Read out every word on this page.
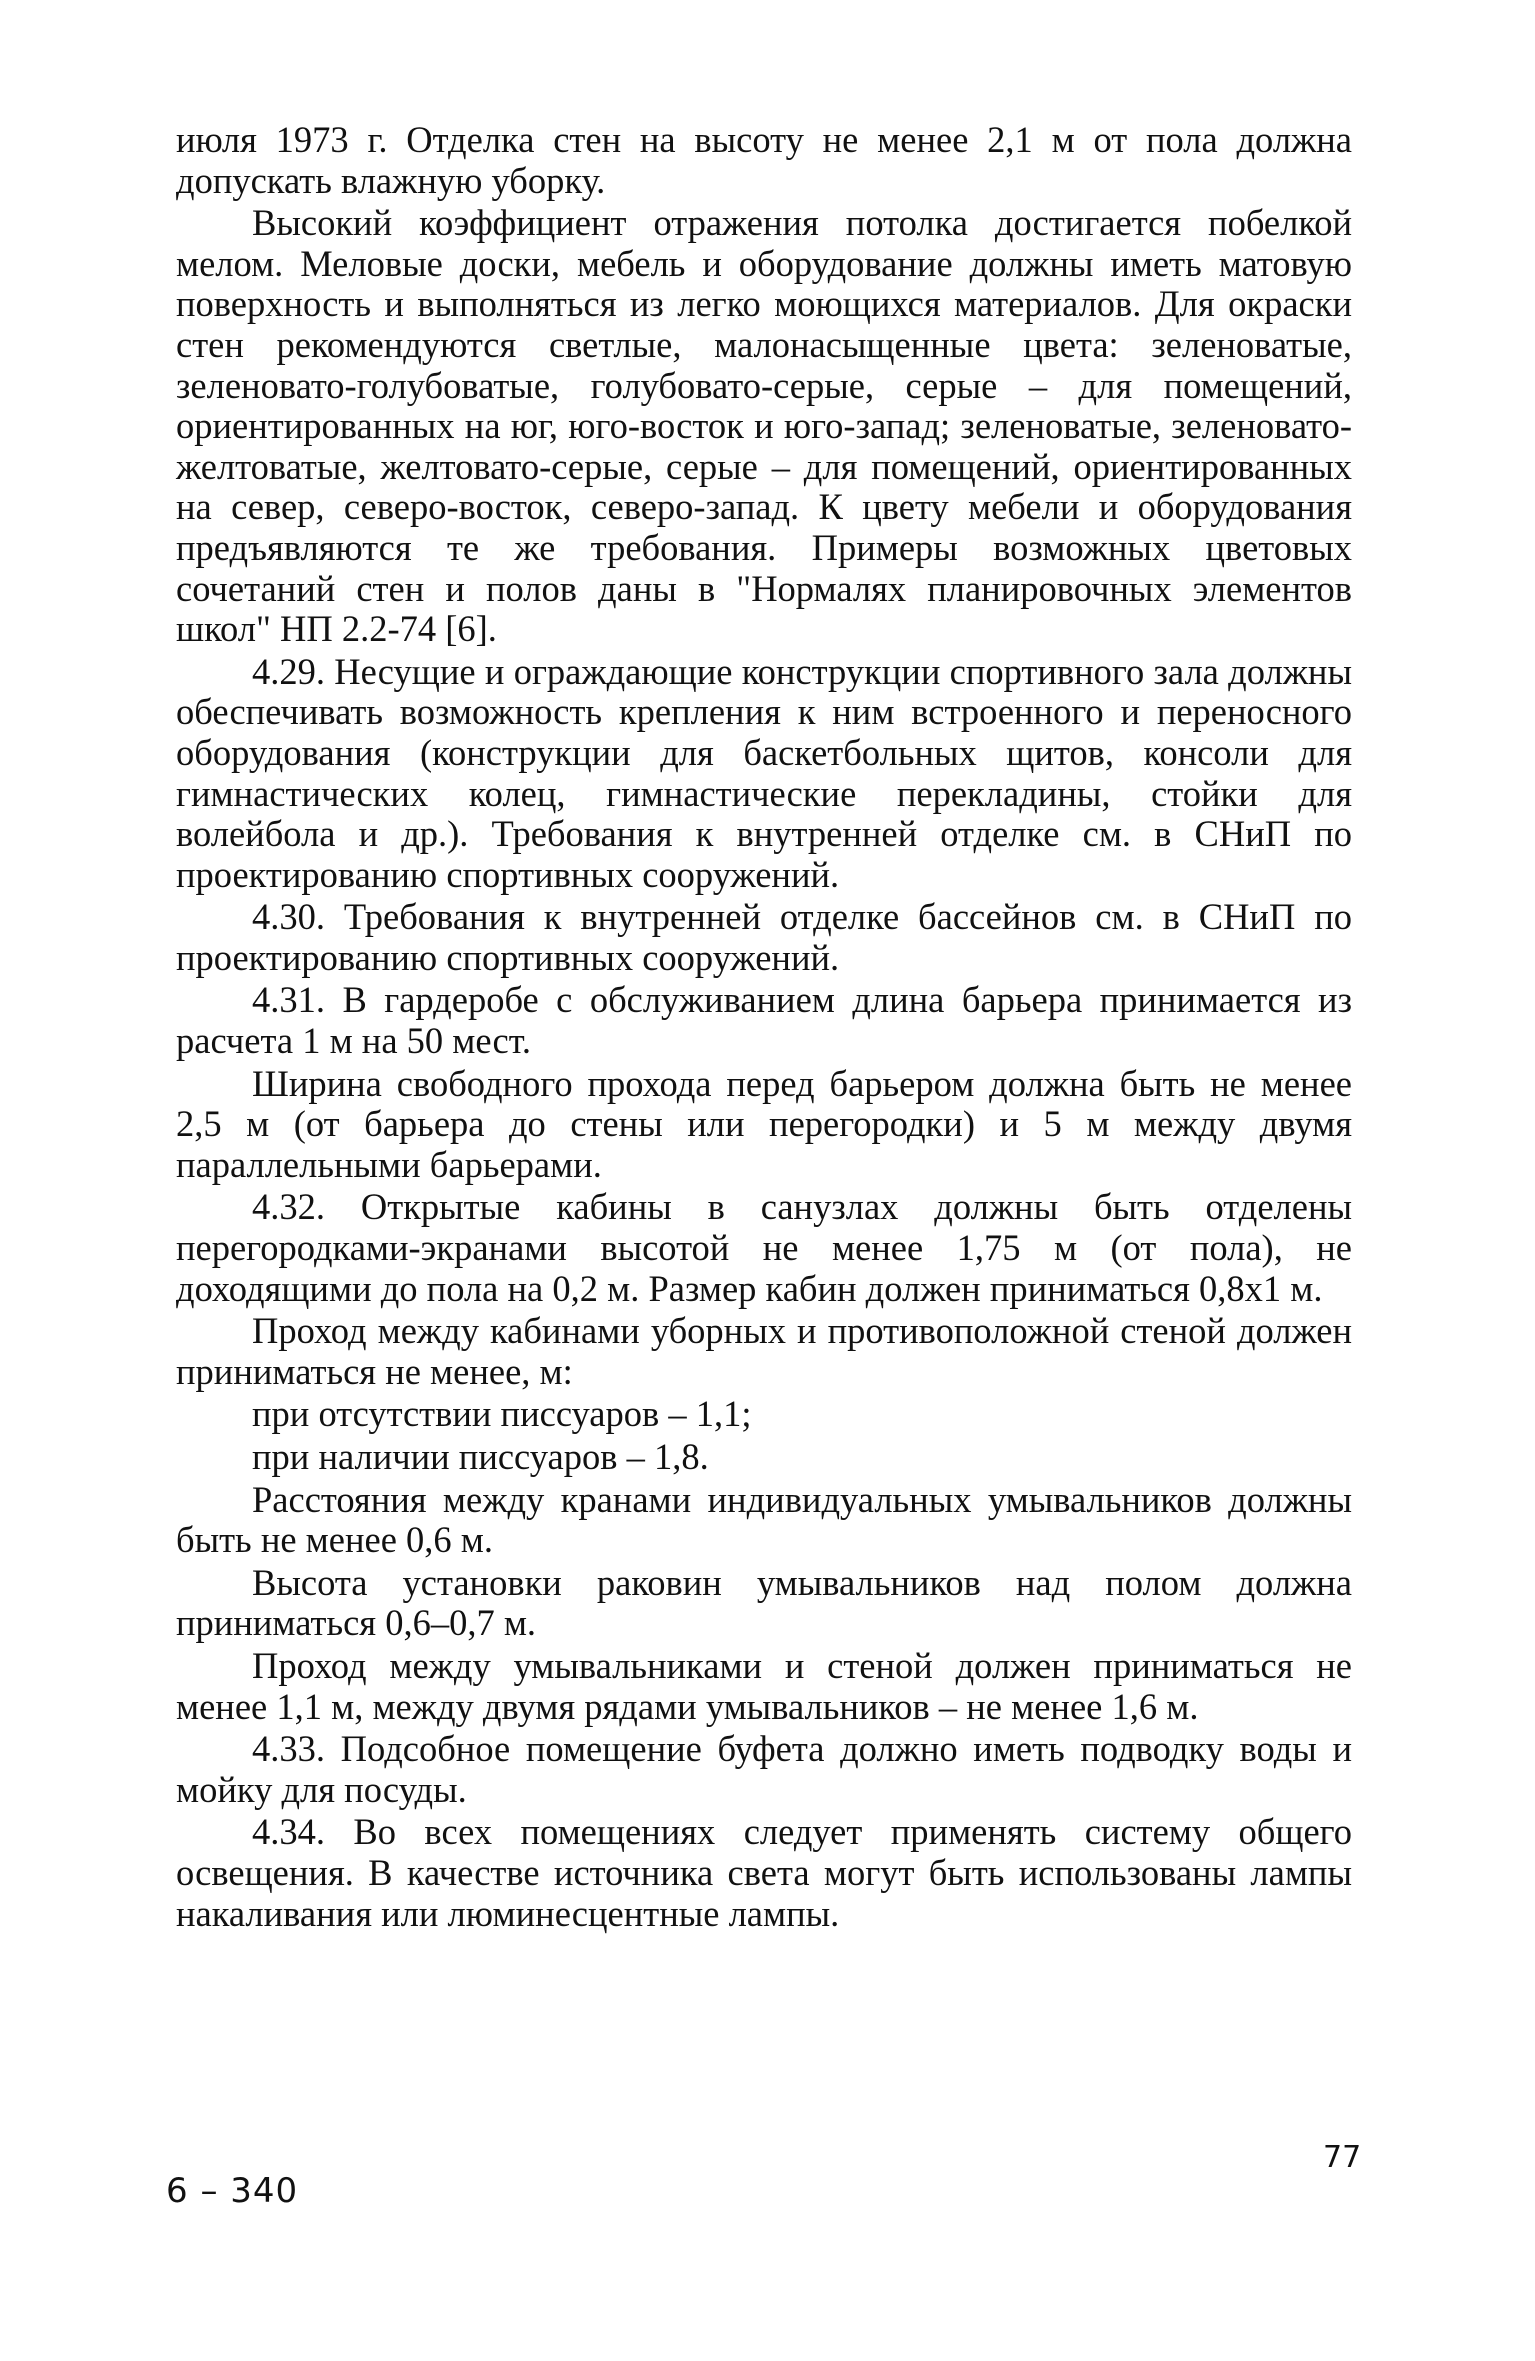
июля 1973 г. Отделка стен на высоту не менее 2,1 м от пола должна допускать влажную уборку.

Высокий коэффициент отражения потолка достигается побелкой мелом. Меловые доски, мебель и оборудование должны иметь матовую поверхность и выполняться из легко моющихся материалов. Для окраски стен рекомендуются светлые, малонасыщенные цвета: зеленоватые, зеленовато-голубоватые, голубовато-серые, серые – для помещений, ориентированных на юг, юго-восток и юго-запад; зеленоватые, зеленовато-желтоватые, желтовато-серые, серые – для помещений, ориентированных на север, северо-восток, северо-запад. К цвету мебели и оборудования предъявляются те же требования. Примеры возможных цветовых сочетаний стен и полов даны в "Нормалях планировочных элементов школ" НП 2.2-74 [6].

4.29. Несущие и ограждающие конструкции спортивного зала должны обеспечивать возможность крепления к ним встроенного и переносного оборудования (конструкции для баскетбольных щитов, консоли для гимнастических колец, гимнастические перекладины, стойки для волейбола и др.). Требования к внутренней отделке см. в СНиП по проектированию спортивных сооружений.

4.30. Требования к внутренней отделке бассейнов см. в СНиП по проектированию спортивных сооружений.

4.31. В гардеробе с обслуживанием длина барьера принимается из расчета 1 м на 50 мест.

Ширина свободного прохода перед барьером должна быть не менее 2,5 м (от барьера до стены или перегородки) и 5 м между двумя параллельными барьерами.

4.32. Открытые кабины в санузлах должны быть отделены перегородками-экранами высотой не менее 1,75 м (от пола), не доходящими до пола на 0,2 м. Размер кабин должен приниматься 0,8х1 м.

Проход между кабинами уборных и противоположной стеной должен приниматься не менее, м:

при отсутствии писсуаров – 1,1;

при наличии писсуаров – 1,8.

Расстояния между кранами индивидуальных умывальников должны быть не менее 0,6 м.

Высота установки раковин умывальников над полом должна приниматься 0,6–0,7 м.

Проход между умывальниками и стеной должен приниматься не менее 1,1 м, между двумя рядами умывальников – не менее 1,6 м.

4.33. Подсобное помещение буфета должно иметь подводку воды и мойку для посуды.

4.34. Во всех помещениях следует применять систему общего освещения. В качестве источника света могут быть использованы лампы накаливания или люминесцентные лампы.

6 – 340
77
